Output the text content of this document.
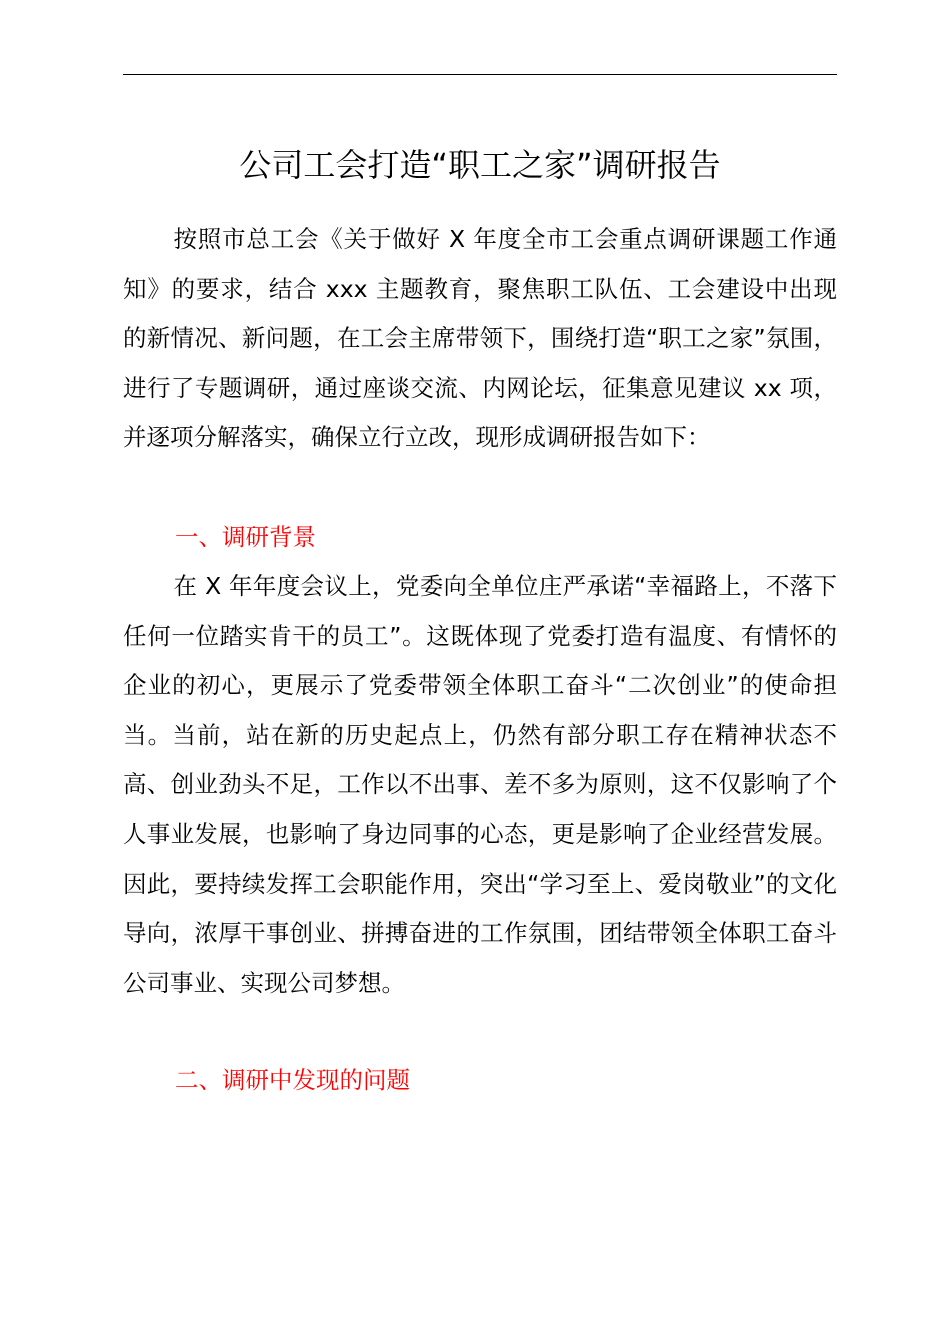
公司工会打造“职工之家”调研报告

按照市总工会《关于做好 X 年度全市工会重点调研课题工作通知》的要求，结合 xxx 主题教育，聚焦职工队伍、工会建设中出现的新情况、新问题，在工会主席带领下，围绕打造“职工之家”氛围，进行了专题调研，通过座谈交流、内网论坛，征集意见建议 xx 项，并逐项分解落实，确保立行立改，现形成调研报告如下：

一、调研背景

在 X 年年度会议上，党委向全单位庄严承诺“幸福路上，不落下任何一位踏实肯干的员工”。这既体现了党委打造有温度、有情怀的企业的初心，更展示了党委带领全体职工奋斗“二次创业”的使命担当。当前，站在新的历史起点上，仍然有部分职工存在精神状态不高、创业劲头不足，工作以不出事、差不多为原则，这不仅影响了个人事业发展，也影响了身边同事的心态，更是影响了企业经营发展。因此，要持续发挥工会职能作用，突出“学习至上、爱岗敬业”的文化导向，浓厚干事创业、拼搏奋进的工作氛围，团结带领全体职工奋斗公司事业、实现公司梦想。

二、调研中发现的问题
